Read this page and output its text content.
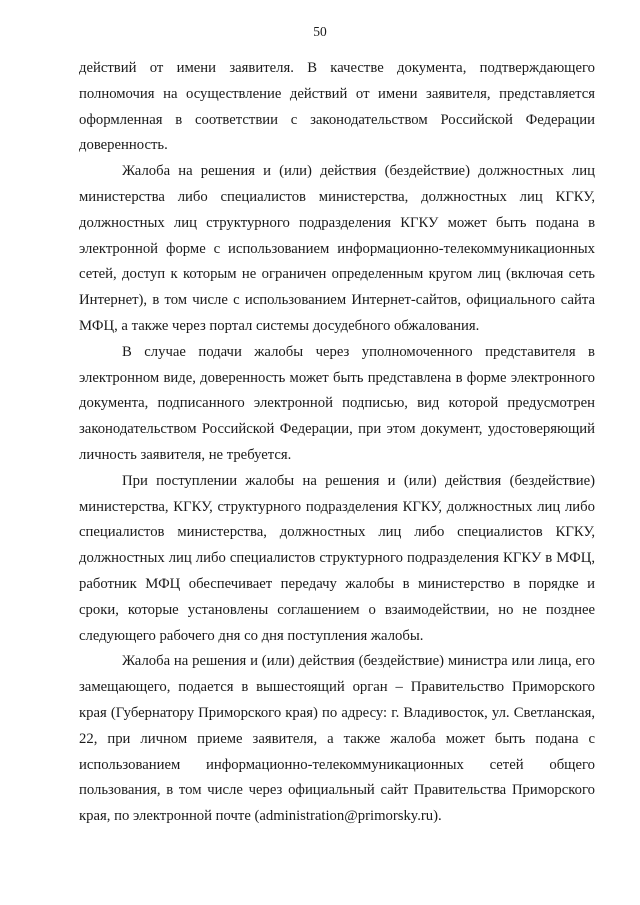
50

действий от имени заявителя. В качестве документа, подтверждающего полномочия на осуществление действий от имени заявителя, представляется оформленная в соответствии с законодательством Российской Федерации доверенность.

Жалоба на решения и (или) действия (бездействие) должностных лиц министерства либо специалистов министерства, должностных лиц КГКУ, должностных лиц структурного подразделения КГКУ может быть подана в электронной форме с использованием информационно-телекоммуникационных сетей, доступ к которым не ограничен определенным кругом лиц (включая сеть Интернет), в том числе с использованием Интернет-сайтов, официального сайта МФЦ, а также через портал системы досудебного обжалования.

В случае подачи жалобы через уполномоченного представителя в электронном виде, доверенность может быть представлена в форме электронного документа, подписанного электронной подписью, вид которой предусмотрен законодательством Российской Федерации, при этом документ, удостоверяющий личность заявителя, не требуется.

При поступлении жалобы на решения и (или) действия (бездействие) министерства, КГКУ, структурного подразделения КГКУ, должностных лиц либо специалистов министерства, должностных лиц либо специалистов КГКУ, должностных лиц либо специалистов структурного подразделения КГКУ в МФЦ, работник МФЦ обеспечивает передачу жалобы в министерство в порядке и сроки, которые установлены соглашением о взаимодействии, но не позднее следующего рабочего дня со дня поступления жалобы.

Жалоба на решения и (или) действия (бездействие) министра или лица, его замещающего, подается в вышестоящий орган – Правительство Приморского края (Губернатору Приморского края) по адресу: г. Владивосток, ул. Светланская, 22, при личном приеме заявителя, а также жалоба может быть подана с использованием информационно-телекоммуникационных сетей общего пользования, в том числе через официальный сайт Правительства Приморского края, по электронной почте (administration@primorsky.ru).
